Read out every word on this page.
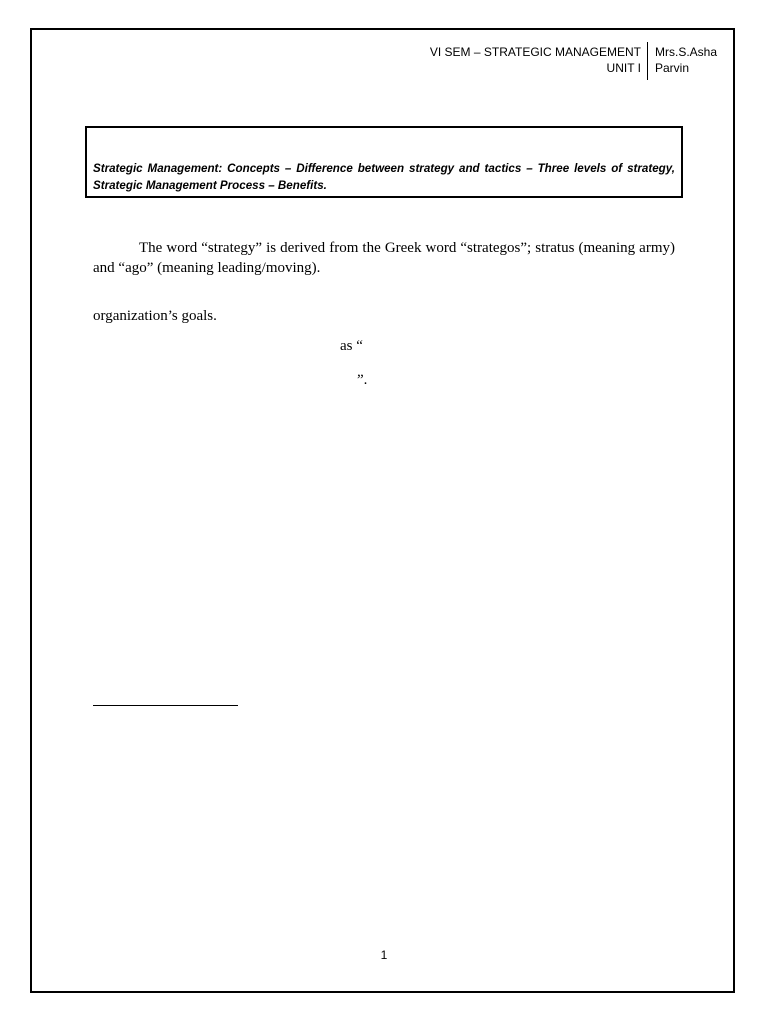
VI SEM – STRATEGIC MANAGEMENT
UNIT I
Mrs.S.Asha
Parvin
Strategic Management: Concepts – Difference between strategy and tactics – Three levels of strategy, Strategic Management Process – Benefits.

The word “strategy” is derived from the Greek word “strategos”; stratus (meaning army) and “ago” (meaning leading/moving).

organization’s goals.

as “
”.
1
